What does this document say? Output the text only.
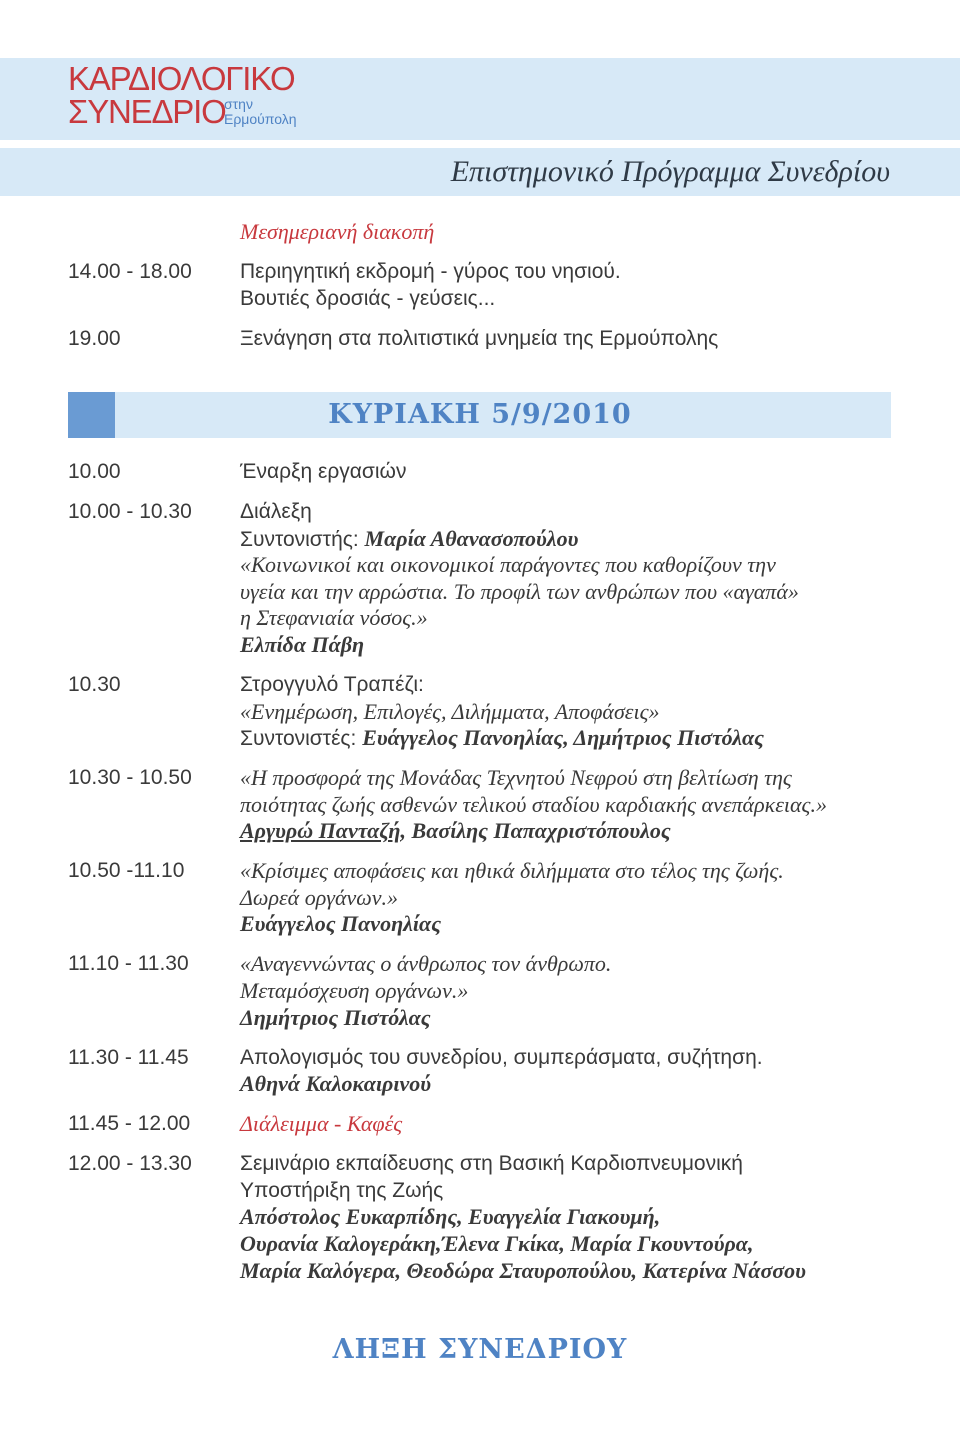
ΚΑΡΔΙΟΛΟΓΙΚΟ
ΣΥΝΕΔΡΙΟ
στην
Ερμούπολη
Επιστημονικό Πρόγραμμα Συνεδρίου
Μεσημεριανή διακοπή
14.00 - 18.00	Περιηγητική εκδρομή - γύρος του νησιού.
Βουτιές δροσιάς - γεύσεις...
19.00	Ξενάγηση στα πολιτιστικά μνημεία της Ερμούπολης
ΚΥΡΙΑΚΗ 5/9/2010
10.00	Έναρξη εργασιών
10.00 - 10.30	Διάλεξη
Συντονιστής: Μαρία Αθανασοπούλου
«Κοινωνικοί και οικονομικοί παράγοντες που καθορίζουν την
υγεία και την αρρώστια. Το προφίλ των ανθρώπων που «αγαπά»
η Στεφανιαία νόσος.»
Ελπίδα Πάβη
10.30	Στρογγυλό Τραπέζι:
«Ενημέρωση, Επιλογές, Διλήμματα, Αποφάσεις»
Συντονιστές: Ευάγγελος Πανοηλίας, Δημήτριος Πιστόλας
10.30 - 10.50	«Η προσφορά της Μονάδας Τεχνητού Νεφρού στη βελτίωση της
ποιότητας ζωής ασθενών τελικού σταδίου καρδιακής ανεπάρκειας.»
Αργυρώ Πανταζή, Βασίλης Παπαχριστόπουλος
10.50 -11.10	«Κρίσιμες αποφάσεις και ηθικά διλήμματα στο τέλος της ζωής.
Δωρεά οργάνων.»
Ευάγγελος Πανοηλίας
11.10 - 11.30	«Αναγεννώντας ο άνθρωπος τον άνθρωπο.
Μεταμόσχευση οργάνων.»
Δημήτριος Πιστόλας
11.30 - 11.45	Απολογισμός του συνεδρίου, συμπεράσματα, συζήτηση.
Αθηνά Καλοκαιρινού
11.45 - 12.00	Διάλειμμα - Καφές
12.00 - 13.30	Σεμινάριο εκπαίδευσης στη Βασική Καρδιοπνευμονική
Υποστήριξη της Ζωής
Απόστολος Ευκαρπίδης, Ευαγγελία Γιακουμή,
Ουρανία Καλογεράκη,Έλενα Γκίκα, Μαρία Γκουντούρα,
Μαρία Καλόγερα, Θεοδώρα Σταυροπούλου, Κατερίνα Νάσσου
ΛΗΞΗ ΣΥΝΕΔΡΙΟΥ
